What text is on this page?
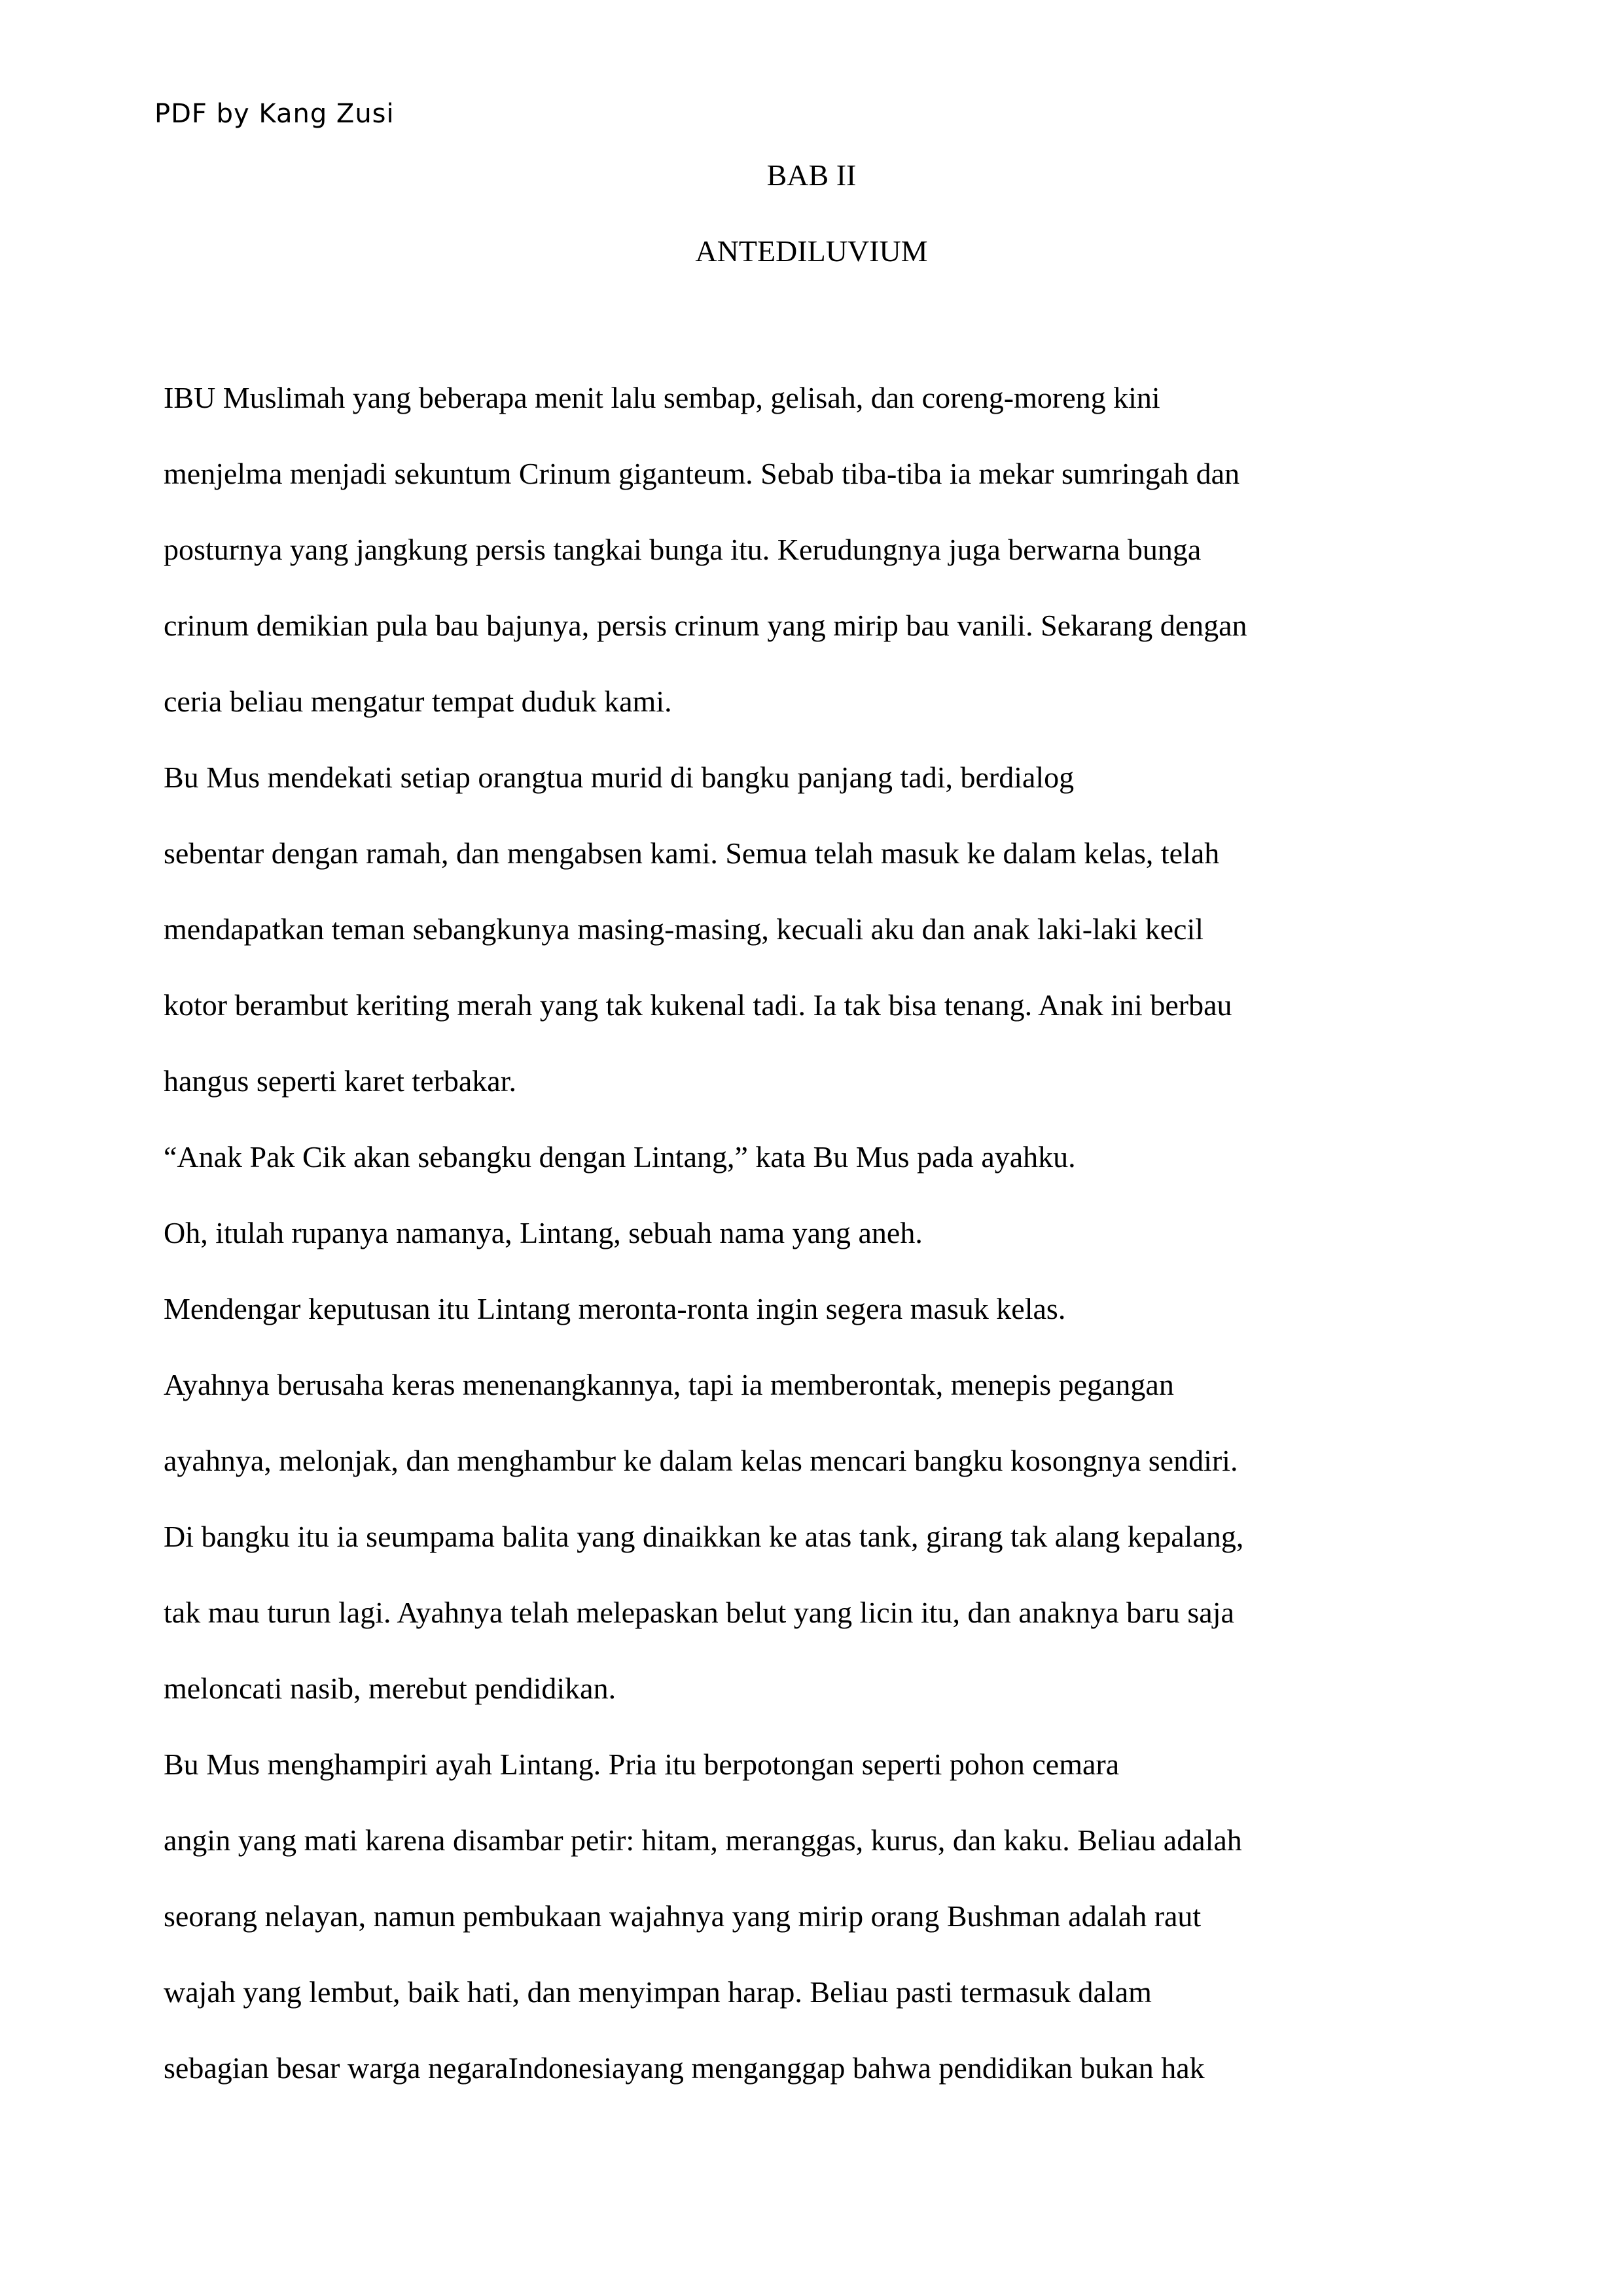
PDF by Kang Zusi
BAB II
ANTEDILUVIUM
IBU Muslimah yang beberapa menit lalu sembap, gelisah, dan coreng-moreng kini
menjelma menjadi sekuntum Crinum giganteum. Sebab tiba-tiba ia mekar sumringah dan
posturnya yang jangkung persis tangkai bunga itu. Kerudungnya juga berwarna bunga
crinum demikian pula bau bajunya, persis crinum yang mirip bau vanili. Sekarang dengan
ceria beliau mengatur tempat duduk kami.
Bu Mus mendekati setiap orangtua murid di bangku panjang tadi, berdialog
sebentar dengan ramah, dan mengabsen kami. Semua telah masuk ke dalam kelas, telah
mendapatkan teman sebangkunya masing-masing, kecuali aku dan anak laki-laki kecil
kotor berambut keriting merah yang tak kukenal tadi. Ia tak bisa tenang. Anak ini berbau
hangus seperti karet terbakar.
“Anak Pak Cik akan sebangku dengan Lintang,” kata Bu Mus pada ayahku.
Oh, itulah rupanya namanya, Lintang, sebuah nama yang aneh.
Mendengar keputusan itu Lintang meronta-ronta ingin segera masuk kelas.
Ayahnya berusaha keras menenangkannya, tapi ia memberontak, menepis pegangan
ayahnya, melonjak, dan menghambur ke dalam kelas mencari bangku kosongnya sendiri.
Di bangku itu ia seumpama balita yang dinaikkan ke atas tank, girang tak alang kepalang,
tak mau turun lagi. Ayahnya telah melepaskan belut yang licin itu, dan anaknya baru saja
meloncati nasib, merebut pendidikan.
Bu Mus menghampiri ayah Lintang. Pria itu berpotongan seperti pohon cemara
angin yang mati karena disambar petir: hitam, meranggas, kurus, dan kaku. Beliau adalah
seorang nelayan, namun pembukaan wajahnya yang mirip orang Bushman adalah raut
wajah yang lembut, baik hati, dan menyimpan harap. Beliau pasti termasuk dalam
sebagian besar warga negaraIndonesiayang menganggap bahwa pendidikan bukan hak
